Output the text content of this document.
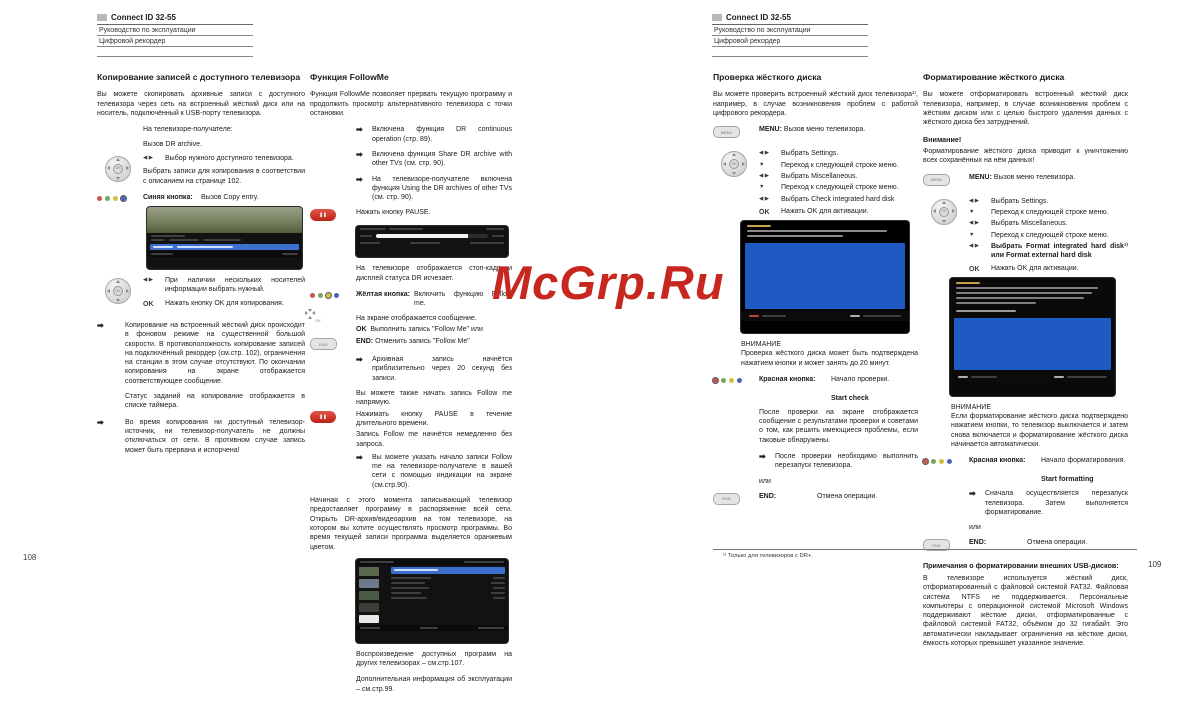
Connect ID 32-55
Руководство по эксплуатации
Цифровой рекордер
Connect ID 32-55
Руководство по эксплуатации
Цифровой рекордер
Копирование записей с доступного телевизора
Вы можете скопировать архивные записи с доступного телевизора через сеть на встроенный жёсткий диск или на носитель, подключённый к USB-порту телевизора.
На телевизоре-получателе:
Вызов DR archive.
OK
◀ ▶	Выбор нужного доступного телевизора.
Выбрать записи для копирования в соответствии с описанием на странице 102.
Синяя кнопка:	Вызов Copy entry.
OK
◀ ▶	При наличии нескольких носителей информации выбрать нужный.
OK	Нажать кнопку OK для копирования.
➡	Копирование на встроенный жёсткий диск происходит в фоновом режиме на существенной большой скорости. В противоположность копирование записей на подключённый рекордер (см.стр. 102), ограничения на станции в этом случае отсутствуют. По окончании копирования на экране отображается соответствующее сообщение.
Статус заданий на копирование отображается в списке таймера.
➡	Во время копирования ни доступный телевизор-источник, ни телевизор-получатель не должны отключаться от сети. В противном случае запись может быть прервана и испорчена!
Функция FollowMe
Функция FollowMe позволяет прервать текущую программу и продолжить просмотр альтернативного телевизора с точки остановки.
➡	Включена функция DR continuous operation (стр. 89).
➡	Включена функция Share DR archive with other TVs (см. стр. 90).
➡	На телевизоре-получателе включена функция Using the DR archives of other TVs (см. стр. 90).
❚❚	Нажать кнопку PAUSE.
На телевизоре отображается стоп-кадр и дисплей статуса DR исчезает.
Жёлтая кнопка: Включить функцию Follow me.
OK	На экране отображается сообщение.
OK Выполнить запись "Follow Me" или
END	END: Отменить запись "Follow Me"
➡	Архивная запись начнётся приблизительно через 20 секунд без записи.
Вы можете также начать запись Follow me напрямую.
❚❚	Нажимать кнопку PAUSE в течение длительного времени.
Запись Follow me начнётся немедленно без запроса.
➡	Вы можете указать начало записи Follow me на телевизоре-получателе в вашей сети с помощью индикации на экране (см.стр.90).
Начиная с этого момента записывающий телевизор предоставляет программу в распоряжение всей сети. Открыть DR-архив/видеоархив на том телевизоре, на котором вы хотите осуществлять просмотр программы. Во время текущей записи программа выделяется оранжевым цветом.
Воспроизведение доступных программ на других телевизорах – см.стр.107.
Дополнительная информация об эксплуатации – см.стр.99.
Проверка жёсткого диска
Вы можете проверить встроенный жёсткий диск телевизора¹⁾, например, в случае возникновения проблем с работой цифрового рекордера.
MENU	MENU: Вызов меню телевизора.
OK
◀ ▶	Выбрать Settings.
▼	Переход к следующей строке меню.
◀ ▶	Выбрать Miscellaneous.
▼	Переход к следующей строке меню.
◀ ▶	Выбрать Check integrated hard disk
OK	Нажать OK для активации.
ВНИМАНИЕ
Проверка жёсткого диска может быть подтверждена нажатием кнопки и может занять до 20 минут.
Красная кнопка:	Начало проверки.

Start check
После проверки на экране отображается сообщение с результатами проверки и советами о том, как решить имеющиеся проблемы, если таковые обнаружены.
➡	После проверки необходимо выполнить перезапуск телевизора.
или
END	END:	Отмена операции.
Форматирование жёсткого диска
Вы можете отформатировать встроенный жёсткий диск телевизора, например, в случае возникновения проблем с жёстким диском или с целью быстрого удаления данных с жёсткого диска без затруднений.
Внимание!
Форматирование жёсткого диска приводит к уничтожению всех сохранённых на нём данных!
MENU	MENU: Вызов меню телевизора.
OK
◀ ▶	Выбрать Settings.
▼	Переход к следующей строке меню.
◀ ▶	Выбрать Miscellaneous.
▼	Переход к следующей строке меню.
◀ ▶	Выбрать Format integrated hard disk¹⁾ или Format external hard disk
OK	Нажать OK для активации.
ВНИМАНИЕ
Если форматирование жёсткого диска подтверждено нажатием кнопки, то телевизор выключается и затем снова включается и форматирование жёсткого диска начинается автоматически.
Красная кнопка:	Начало форматирования.

Start formatting
➡	Сначала осуществляется перезапуск телевизора. Затем выполняется форматирование.
или
END	END:	Отмена операции.
Примечания о форматировании внешних USB-дисков:
В телевизоре используется жёсткий диск, отформатированный с файловой системой FAT32. Файловая система NTFS не поддерживается. Персональные компьютеры с операционной системой Microsoft Windows поддерживают жёсткие диски, отформатированные с файловой системой FAT32, объёмом до 32 гигабайт. Это автоматически накладывает ограничения на жёсткие диски, ёмкость которых превышает указанное значение.
McGrp.Ru
¹⁾ Только для телевизоров с DR+.
108
109
